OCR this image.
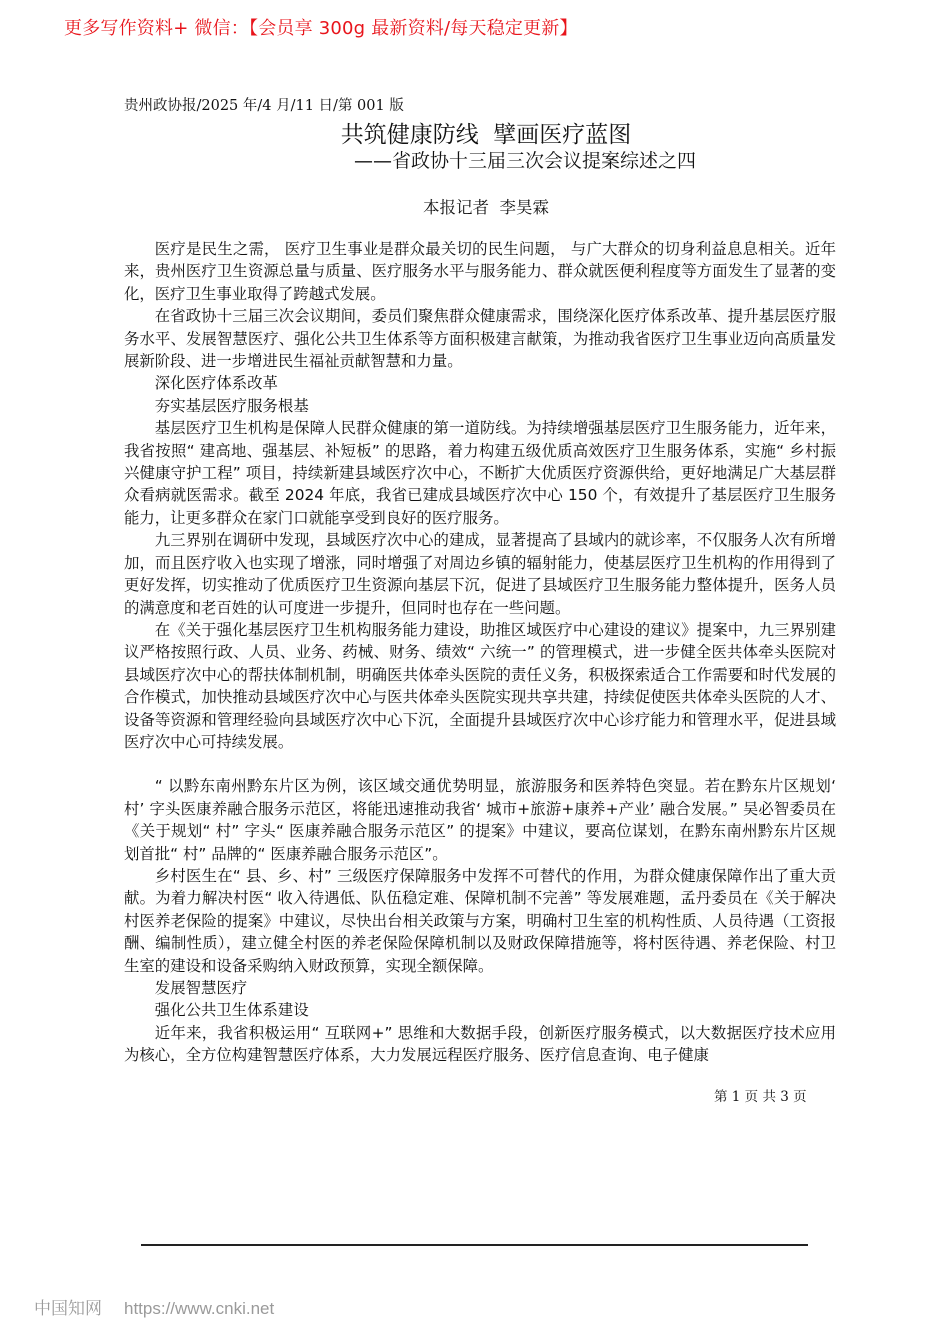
更多写作资料+ 微信：【会员享 300g 最新资料/每天稳定更新】
贵州政协报/2025 年/4 月/11 日/第 001 版
共筑健康防线  擘画医疗蓝图
——省政协十三届三次会议提案综述之四
本报记者  李昊霖

医疗是民生之需， 医疗卫生事业是群众最关切的民生问题， 与广大群众的切身利益息息相关。近年来，贵州医疗卫生资源总量与质量、医疗服务水平与服务能力、群众就医便利程度等方面发生了显著的变化，医疗卫生事业取得了跨越式发展。

在省政协十三届三次会议期间，委员们聚焦群众健康需求，围绕深化医疗体系改革、提升基层医疗服务水平、发展智慧医疗、强化公共卫生体系等方面积极建言献策，为推动我省医疗卫生事业迈向高质量发展新阶段、进一步增进民生福祉贡献智慧和力量。

深化医疗体系改革

夯实基层医疗服务根基

基层医疗卫生机构是保障人民群众健康的第一道防线。为持续增强基层医疗卫生服务能力，近年来，我省按照“ 建高地、强基层、补短板” 的思路，着力构建五级优质高效医疗卫生服务体系，实施“ 乡村振兴健康守护工程” 项目，持续新建县域医疗次中心，不断扩大优质医疗资源供给，更好地满足广大基层群众看病就医需求。截至 2024 年底，我省已建成县域医疗次中心 150 个，有效提升了基层医疗卫生服务能力，让更多群众在家门口就能享受到良好的医疗服务。

九三界别在调研中发现，县域医疗次中心的建成，显著提高了县域内的就诊率，不仅服务人次有所增加，而且医疗收入也实现了增涨，同时增强了对周边乡镇的辐射能力，使基层医疗卫生机构的作用得到了更好发挥，切实推动了优质医疗卫生资源向基层下沉，促进了县域医疗卫生服务能力整体提升，医务人员的满意度和老百姓的认可度进一步提升，但同时也存在一些问题。

在《关于强化基层医疗卫生机构服务能力建设，助推区域医疗中心建设的建议》提案中，九三界别建议严格按照行政、人员、业务、药械、财务、绩效“ 六统一” 的管理模式，进一步健全医共体牵头医院对县域医疗次中心的帮扶体制机制，明确医共体牵头医院的责任义务，积极探索适合工作需要和时代发展的合作模式，加快推动县域医疗次中心与医共体牵头医院实现共享共建，持续促使医共体牵头医院的人才、设备等资源和管理经验向县域医疗次中心下沉，全面提升县域医疗次中心诊疗能力和管理水平，促进县域医疗次中心可持续发展。

“ 以黔东南州黔东片区为例，该区域交通优势明显，旅游服务和医养特色突显。若在黔东片区规划‘ 村’ 字头医康养融合服务示范区，将能迅速推动我省‘ 城市+旅游+康养+产业’ 融合发展。” 吴必智委员在《关于规划“ 村” 字头“ 医康养融合服务示范区” 的提案》中建议，要高位谋划，在黔东南州黔东片区规划首批“ 村” 品牌的“ 医康养融合服务示范区”。

乡村医生在“ 县、乡、村” 三级医疗保障服务中发挥不可替代的作用，为群众健康保障作出了重大贡献。为着力解决村医“ 收入待遇低、队伍稳定难、保障机制不完善” 等发展难题，孟丹委员在《关于解决村医养老保险的提案》中建议，尽快出台相关政策与方案，明确村卫生室的机构性质、人员待遇（工资报酬、编制性质），建立健全村医的养老保险保障机制以及财政保障措施等，将村医待遇、养老保险、村卫生室的建设和设备采购纳入财政预算，实现全额保障。

发展智慧医疗

强化公共卫生体系建设

近年来，我省积极运用“ 互联网+” 思维和大数据手段，创新医疗服务模式，以大数据医疗技术应用为核心，全方位构建智慧医疗体系，大力发展远程医疗服务、医疗信息查询、电子健康

第 1 页 共 3 页
中国知网 https://www.cnki.net
